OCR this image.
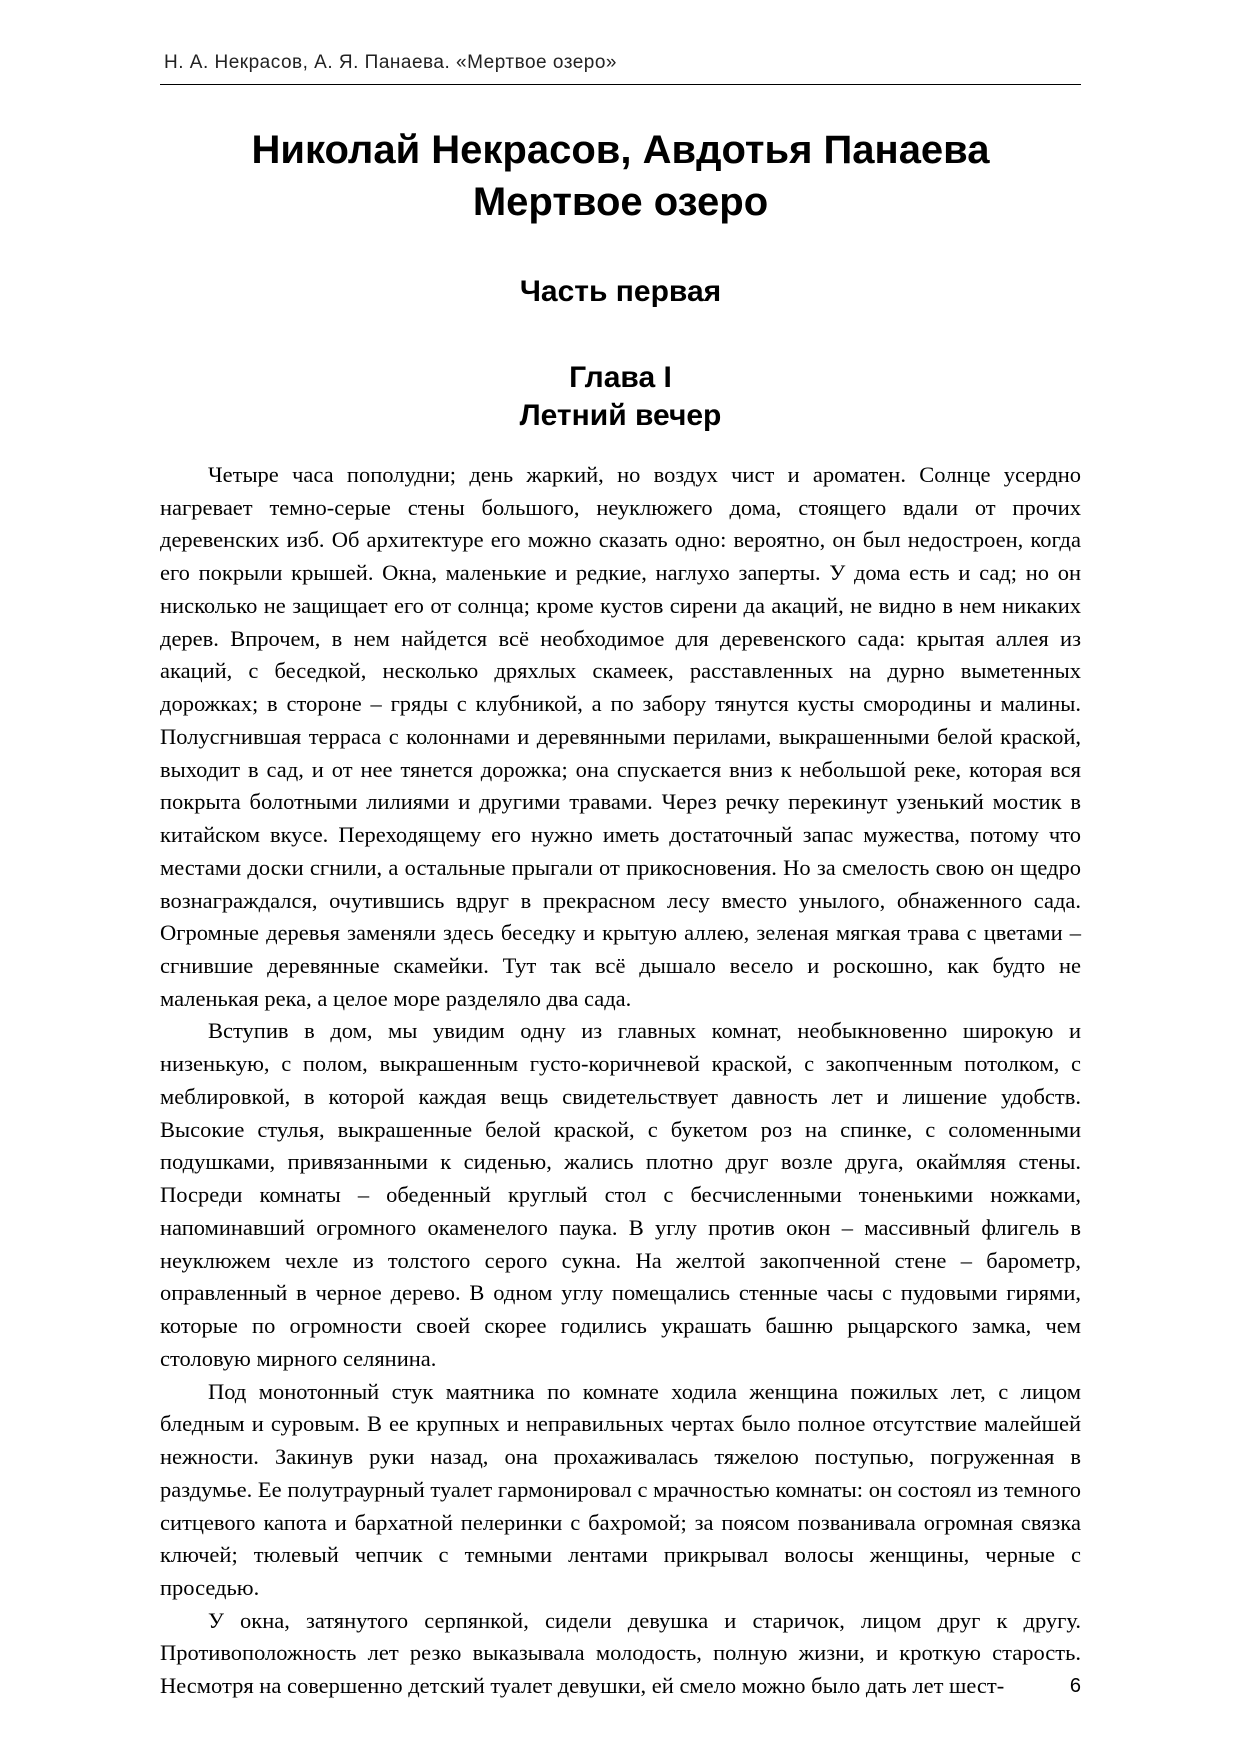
Н. А. Некрасов, А. Я. Панаева. «Мертвое озеро»
Николай Некрасов, Авдотья Панаева
Мертвое озеро
Часть первая
Глава I
Летний вечер

Четыре часа пополудни; день жаркий, но воздух чист и ароматен. Солнце усердно нагревает темно-серые стены большого, неуклюжего дома, стоящего вдали от прочих деревенских изб. Об архитектуре его можно сказать одно: вероятно, он был недостроен, когда его покрыли крышей. Окна, маленькие и редкие, наглухо заперты. У дома есть и сад; но он нисколько не защищает его от солнца; кроме кустов сирени да акаций, не видно в нем никаких дерев. Впрочем, в нем найдется всё необходимое для деревенского сада: крытая аллея из акаций, с беседкой, несколько дряхлых скамеек, расставленных на дурно выметенных дорожках; в стороне – гряды с клубникой, а по забору тянутся кусты смородины и малины. Полусгнившая терраса с колоннами и деревянными перилами, выкрашенными белой краской, выходит в сад, и от нее тянется дорожка; она спускается вниз к небольшой реке, которая вся покрыта болотными лилиями и другими травами. Через речку перекинут узенький мостик в китайском вкусе. Переходящему его нужно иметь достаточный запас мужества, потому что местами доски сгнили, а остальные прыгали от прикосновения. Но за смелость свою он щедро вознаграждался, очутившись вдруг в прекрасном лесу вместо унылого, обнаженного сада. Огромные деревья заменяли здесь беседку и крытую аллею, зеленая мягкая трава с цветами – сгнившие деревянные скамейки. Тут так всё дышало весело и роскошно, как будто не маленькая река, а целое море разделяло два сада.

Вступив в дом, мы увидим одну из главных комнат, необыкновенно широкую и низенькую, с полом, выкрашенным густо-коричневой краской, с закопченным потолком, с меблировкой, в которой каждая вещь свидетельствует давность лет и лишение удобств. Высокие стулья, выкрашенные белой краской, с букетом роз на спинке, с соломенными подушками, привязанными к сиденью, жались плотно друг возле друга, окаймляя стены. Посреди комнаты – обеденный круглый стол с бесчисленными тоненькими ножками, напоминавший огромного окаменелого паука. В углу против окон – массивный флигель в неуклюжем чехле из толстого серого сукна. На желтой закопченной стене – барометр, оправленный в черное дерево. В одном углу помещались стенные часы с пудовыми гирями, которые по огромности своей скорее годились украшать башню рыцарского замка, чем столовую мирного селянина.

Под монотонный стук маятника по комнате ходила женщина пожилых лет, с лицом бледным и суровым. В ее крупных и неправильных чертах было полное отсутствие малейшей нежности. Закинув руки назад, она прохаживалась тяжелою поступью, погруженная в раздумье. Ее полутраурный туалет гармонировал с мрачностью комнаты: он состоял из темного ситцевого капота и бархатной пелеринки с бахромой; за поясом позванивала огромная связка ключей; тюлевый чепчик с темными лентами прикрывал волосы женщины, черные с проседью.

У окна, затянутого серпянкой, сидели девушка и старичок, лицом друг к другу. Противоположность лет резко выказывала молодость, полную жизни, и кроткую старость. Несмотря на совершенно детский туалет девушки, ей смело можно было дать лет шест-	6
